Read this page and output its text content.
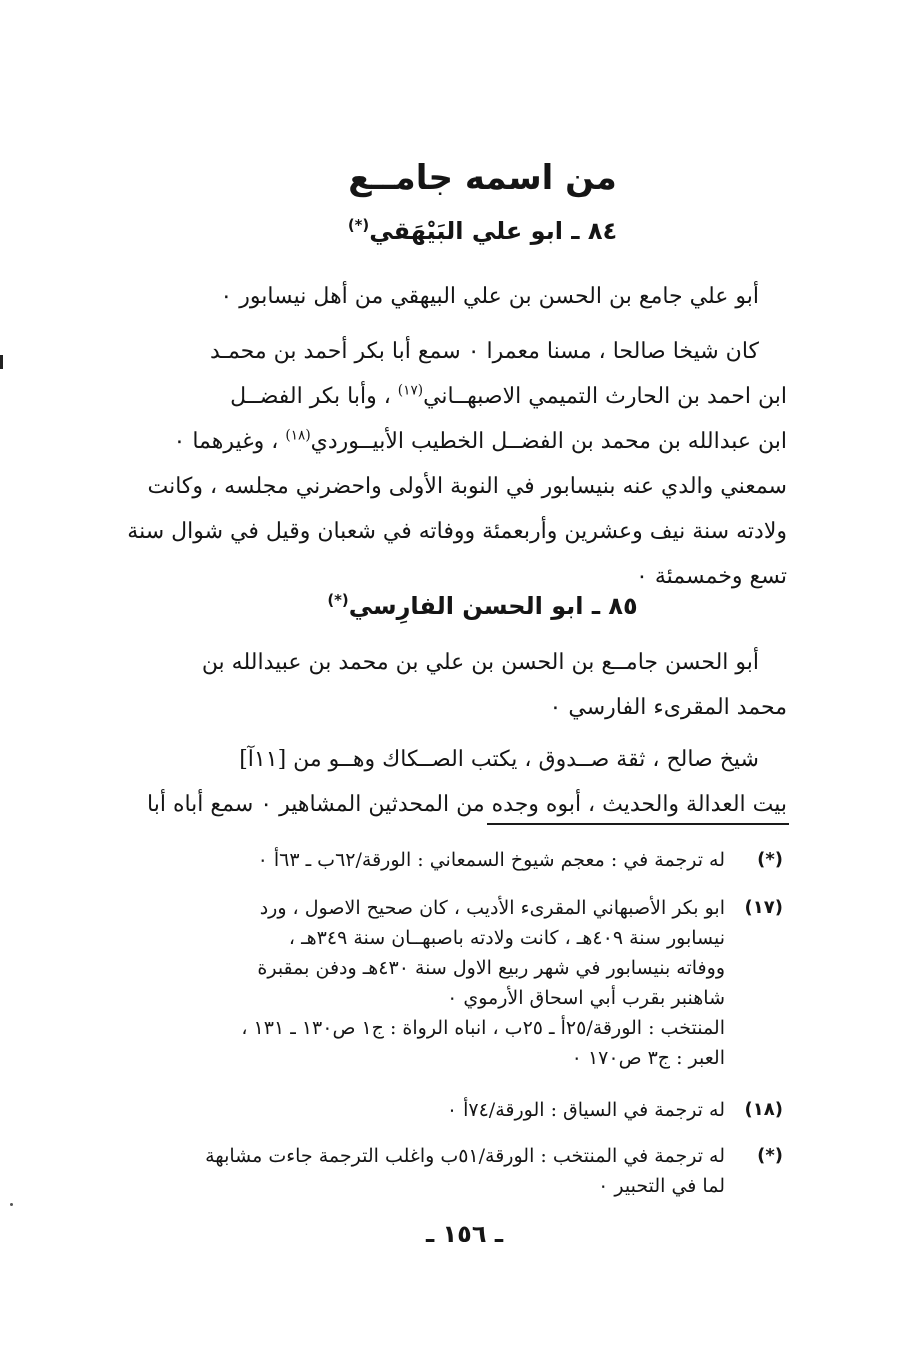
من اسمه جامــع
٨٤ ـ ابو علي البَيْهَقي(*)
أبو علي جامع بن الحسن بن علي البيهقي من أهل نيسابور ٠
كان شيخا صالحا ، مسنا معمرا ٠ سمع أبا بكر أحمد بن محمـد
ابن احمد بن الحارث التميمي الاصبهــاني$^{(١٧)}$ ، وأبا بكر الفضــل
ابن عبدالله بن محمد بن الفضــل الخطيب الأبيــوردي$^{(١٨)}$ ، وغيرهما ٠
سمعني والدي عنه بنيسابور في النوبة الأولى واحضرني مجلسه ، وكانت
ولادته سنة نيف وعشرين وأربعمئة ووفاته في شعبان وقيل في شوال سنة
تسع وخمسمئة ٠
٨٥ ـ ابو الحسن الفارِسي(*)
أبو الحسن جامــع بن الحسن بن علي بن محمد بن عبيدالله بن
محمد المقرىء الفارسي ٠
شيخ صالح ، ثقة صــدوق ، يكتب الصــكاك وهــو من [١١آ]
بيت العدالة والحديث ، أبوه وجده من المحدثين المشاهير ٠ سمع أباه أبا
(*)
له ترجمة في : معجم شيوخ السمعاني : الورقة/٦٢ب ـ ٦٣أ ٠
(١٧)
ابو بكر الأصبهاني المقرىء الأديب ، كان صحيح الاصول ، ورد
نيسابور سنة ٤٠٩هـ ، كانت ولادته باصبهــان سنة ٣٤٩هـ ،
ووفاته بنيسابور في شهر ربيع الاول سنة ٤٣٠هـ ودفن بمقبرة
شاهنبر بقرب أبي اسحاق الأرموي ٠
المنتخب : الورقة/٢٥أ ـ ٢٥ب ، انباه الرواة : ج١ ص١٣٠ ـ ١٣١ ،
العبر : ج٣ ص١٧٠ ٠
(١٨)
له ترجمة في السياق : الورقة/٧٤أ ٠
(*)
له ترجمة في المنتخب : الورقة/٥١ب واغلب الترجمة جاءت مشابهة
لما في التحبير ٠
ـ ١٥٦ ـ
